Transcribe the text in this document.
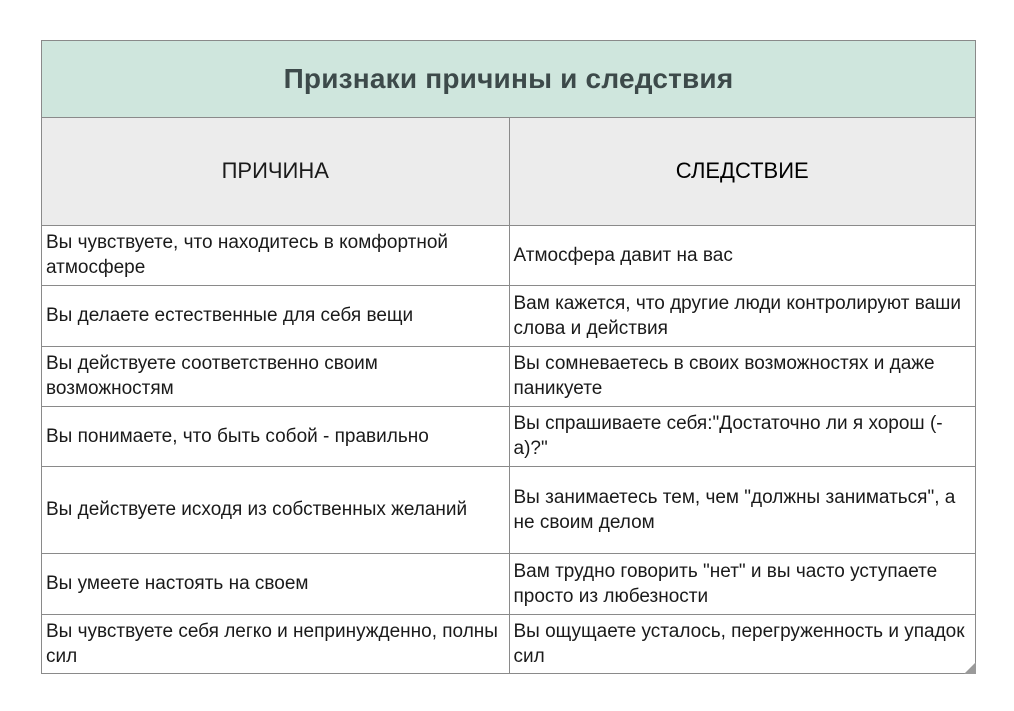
Признаки причины и следствия
ПРИЧИНА	СЛЕДСТВИЕ
Вы чувствуете, что находитесь в комфортной атмосфере	Атмосфера давит на вас
Вы делаете естественные для себя вещи	Вам кажется, что другие люди контролируют ваши слова и действия
Вы действуете соответственно своим возможностям	Вы сомневаетесь в своих возможностях и даже паникуете
Вы понимаете, что быть собой - правильно	Вы спрашиваете себя:"Достаточно ли я хорош (-а)?"
Вы действуете исходя из собственных желаний	Вы занимаетесь тем, чем "должны заниматься", а не своим делом
Вы умеете настоять на своем	Вам трудно говорить "нет" и вы часто уступаете просто из любезности
Вы чувствуете себя легко и непринужденно, полны сил	Вы ощущаете усталось, перегруженность и упадок сил
